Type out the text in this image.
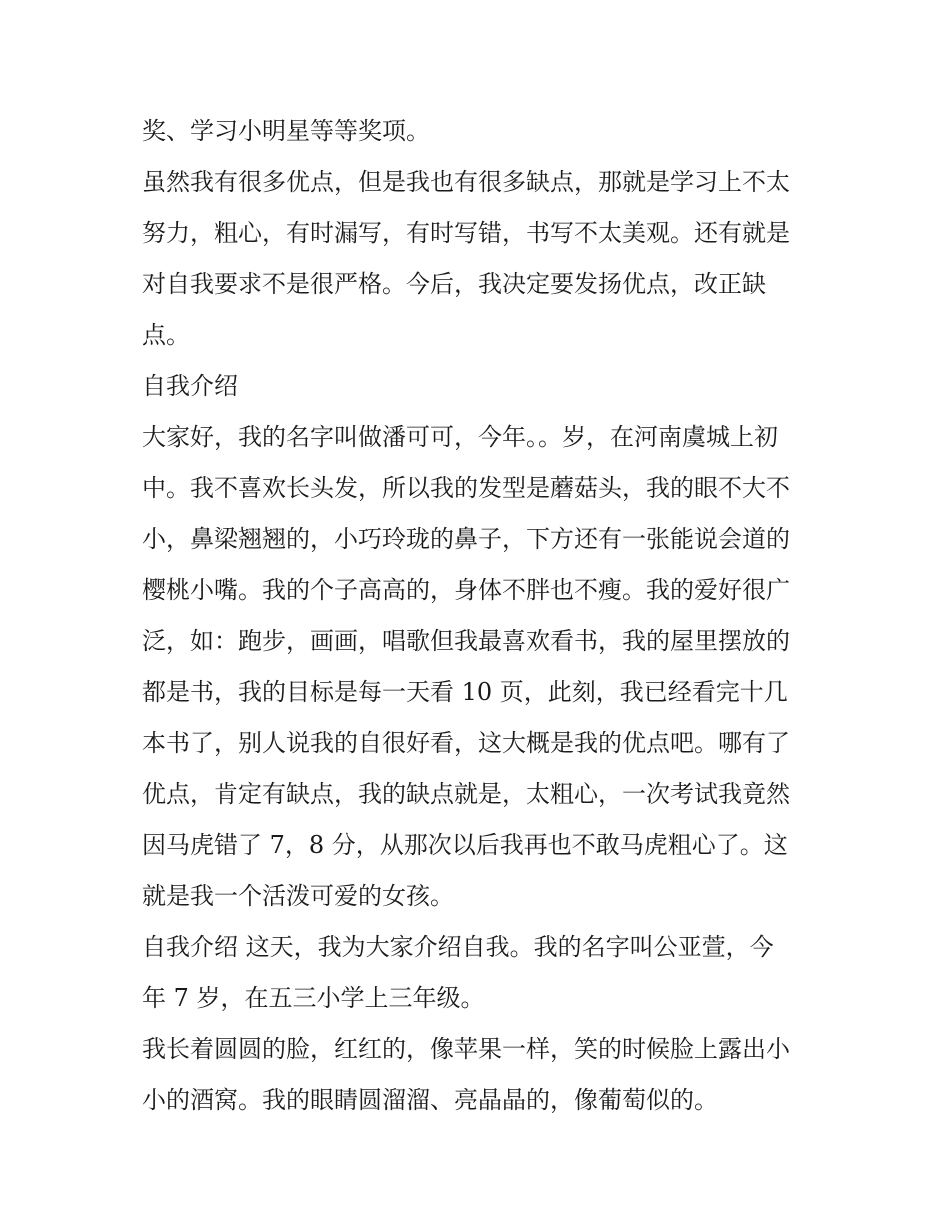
奖、学习小明星等等奖项。

虽然我有很多优点，但是我也有很多缺点，那就是学习上不太
努力，粗心，有时漏写，有时写错，书写不太美观。还有就是
对自我要求不是很严格。今后，我决定要发扬优点，改正缺
点。

自我介绍

大家好，我的名字叫做潘可可，今年。。岁，在河南虞城上初
中。我不喜欢长头发，所以我的发型是蘑菇头，我的眼不大不
小，鼻梁翘翘的，小巧玲珑的鼻子，下方还有一张能说会道的
樱桃小嘴。我的个子高高的，身体不胖也不瘦。我的爱好很广
泛，如：跑步，画画，唱歌但我最喜欢看书，我的屋里摆放的
都是书，我的目标是每一天看 10 页，此刻，我已经看完十几
本书了，别人说我的自很好看，这大概是我的优点吧。哪有了
优点，肯定有缺点，我的缺点就是，太粗心，一次考试我竟然
因马虎错了 7，8 分，从那次以后我再也不敢马虎粗心了。这
就是我一个活泼可爱的女孩。

自我介绍 这天，我为大家介绍自我。我的名字叫公亚萱，今
年 7 岁，在五三小学上三年级。

我长着圆圆的脸，红红的，像苹果一样，笑的时候脸上露出小
小的酒窝。我的眼睛圆溜溜、亮晶晶的，像葡萄似的。
